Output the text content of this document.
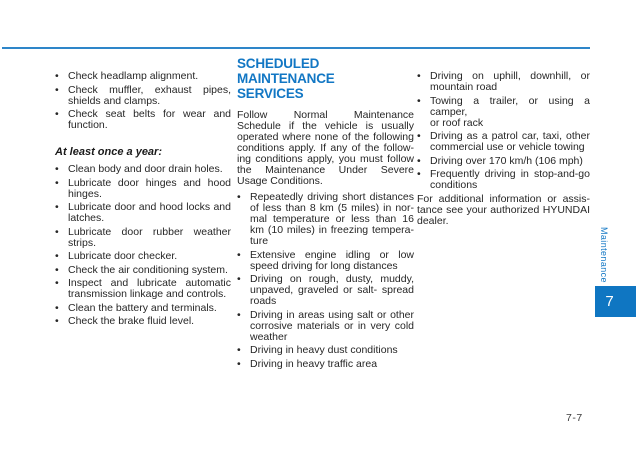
• Check headlamp alignment.
• Check muffler, exhaust pipes,
shields and clamps.
• Check seat belts for wear and
function.
At least once a year:
• Clean body and door drain holes.
• Lubricate door hinges and hood
hinges.
• Lubricate door and hood locks and
latches.
• Lubricate door rubber weather
strips.
• Lubricate door checker.
• Check the air conditioning system.
• Inspect and lubricate automatic
transmission linkage and controls.
• Clean the battery and terminals.
• Check the brake fluid level.
SCHEDULED MAINTENANCE
SERVICES
Follow Normal Maintenance
Schedule if the vehicle is usually
operated where none of the following
conditions apply. If any of the follow-
ing conditions apply, you must follow
the Maintenance Under Severe
Usage Conditions.
• Repeatedly driving short distances
of less than 8 km (5 miles) in nor-
mal temperature or less than 16
km (10 miles) in freezing tempera-
ture
• Extensive engine idling or low
speed driving for long distances
• Driving on rough, dusty, muddy,
unpaved, graveled or salt- spread
roads
• Driving in areas using salt or other
corrosive materials or in very cold
weather
• Driving in heavy dust conditions
• Driving in heavy traffic area
• Driving on uphill, downhill, or
mountain road
• Towing a trailer, or using a camper,
or roof rack
• Driving as a patrol car, taxi, other
commercial use or vehicle towing
• Driving over 170 km/h (106 mph)
• Frequently driving in stop-and-go
conditions
For additional information or assis-
tance see your authorized HYUNDAI
dealer.
Maintenance
7
7-7
